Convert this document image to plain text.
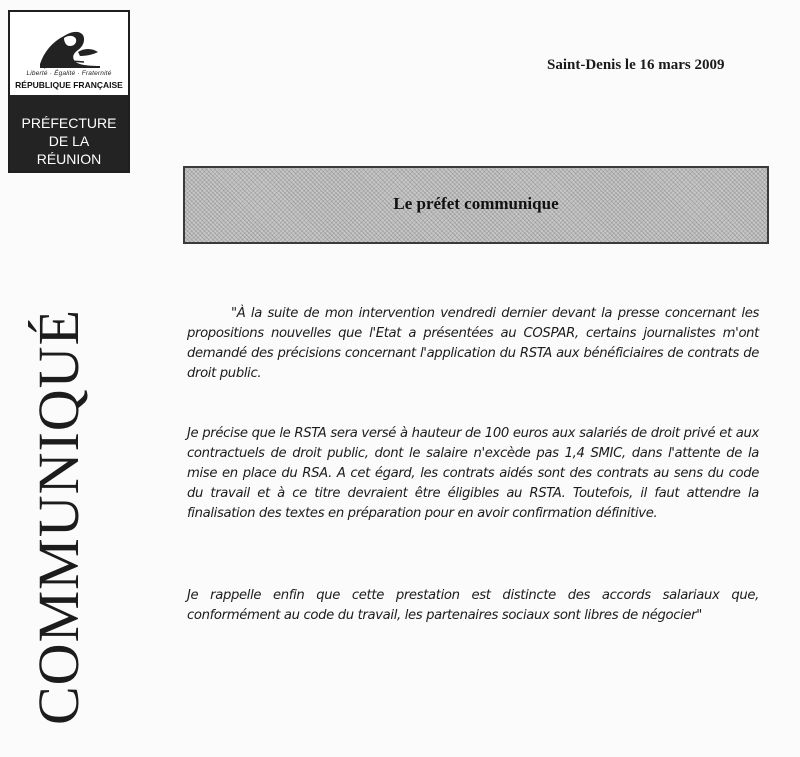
Liberté · Égalité · Fraternité
RÉPUBLIQUE FRANÇAISE
PRÉFECTURE
DE LA
RÉUNION
COMMUNIQUÉ
Saint-Denis le 16 mars 2009
Le préfet communique

"À la suite de mon intervention vendredi dernier devant la presse concernant les propositions nouvelles que l'Etat a présentées au COSPAR, certains journalistes m'ont demandé des précisions concernant l'application du RSTA aux bénéficiaires de contrats de droit public.

Je précise que le RSTA sera versé à hauteur de 100 euros aux salariés de droit privé et aux contractuels de droit public, dont le salaire n'excède pas 1,4 SMIC, dans l'attente de la mise en place du RSA. A cet égard, les contrats aidés sont des contrats au sens du code du travail et à ce titre devraient être éligibles au RSTA. Toutefois, il faut attendre la finalisation des textes en préparation pour en avoir confirmation définitive.

Je rappelle enfin que cette prestation est distincte des accords salariaux que, conformément au code du travail, les partenaires sociaux sont libres de négocier"
